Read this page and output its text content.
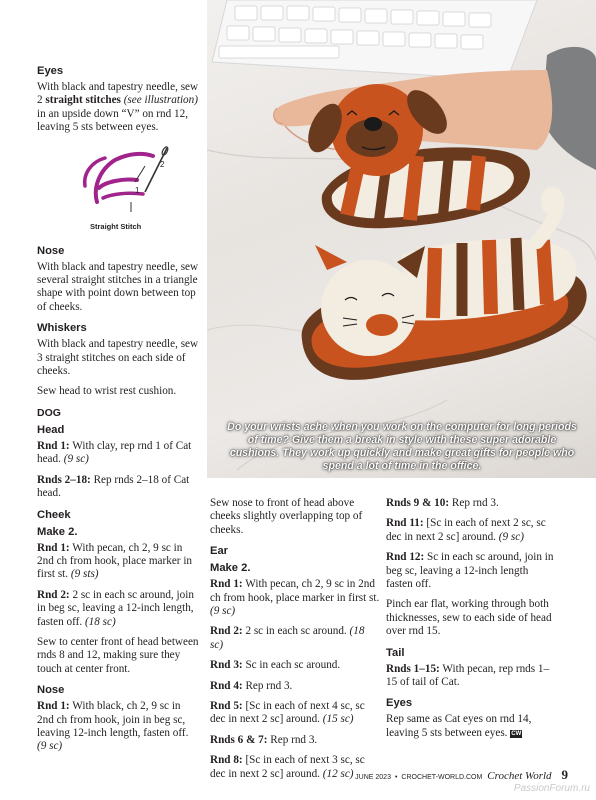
Do your wrists ache when you work on the computer for long periods of time? Give them a break in style with these super adorable cushions. They work up quickly and make great gifts for people who spend a lot of time in the office.
Eyes

With black and tapestry needle, sew 2 straight stitches (see illustration) in an upside down “V” on rnd 12, leaving 5 sts between eyes.

2
1
Straight Stitch
Nose

With black and tapestry needle, sew several straight stitches in a triangle shape with point down between top of cheeks.

Whiskers

With black and tapestry needle, sew 3 straight stitches on each side of cheeks.

Sew head to wrist rest cushion.

DOG
Head

Rnd 1: With clay, rep rnd 1 of Cat head. (9 sc)

Rnds 2–18: Rep rnds 2–18 of Cat head.

Cheek
Make 2.

Rnd 1: With pecan, ch 2, 9 sc in 2nd ch from hook, place marker in first st. (9 sts)

Rnd 2: 2 sc in each sc around, join in beg sc, leaving a 12-inch length, fasten off. (18 sc)

Sew to center front of head between rnds 8 and 12, making sure they touch at center front.

Nose

Rnd 1: With black, ch 2, 9 sc in 2nd ch from hook, join in beg sc, leaving 12-inch length, fasten off. (9 sc)

Sew nose to front of head above cheeks slightly overlapping top of cheeks.

Ear
Make 2.

Rnd 1: With pecan, ch 2, 9 sc in 2nd ch from hook, place marker in first st. (9 sc)

Rnd 2: 2 sc in each sc around. (18 sc)

Rnd 3: Sc in each sc around.

Rnd 4: Rep rnd 3.

Rnd 5: [Sc in each of next 4 sc, sc dec in next 2 sc] around. (15 sc)

Rnds 6 & 7: Rep rnd 3.

Rnd 8: [Sc in each of next 3 sc, sc dec in next 2 sc] around. (12 sc)

Rnds 9 & 10: Rep rnd 3.

Rnd 11: [Sc in each of next 2 sc, sc dec in next 2 sc] around. (9 sc)

Rnd 12: Sc in each sc around, join in beg sc, leaving a 12-inch length fasten off.

Pinch ear flat, working through both thicknesses, sew to each side of head over rnd 15.

Tail

Rnds 1–15: With pecan, rep rnds 1–15 of tail of Cat.

Eyes

Rep same as Cat eyes on rnd 14, leaving 5 sts between eyes. CW

JUNE 2023 • CROCHET-WORLD.COM Crochet World 9
PassionForum.ru
